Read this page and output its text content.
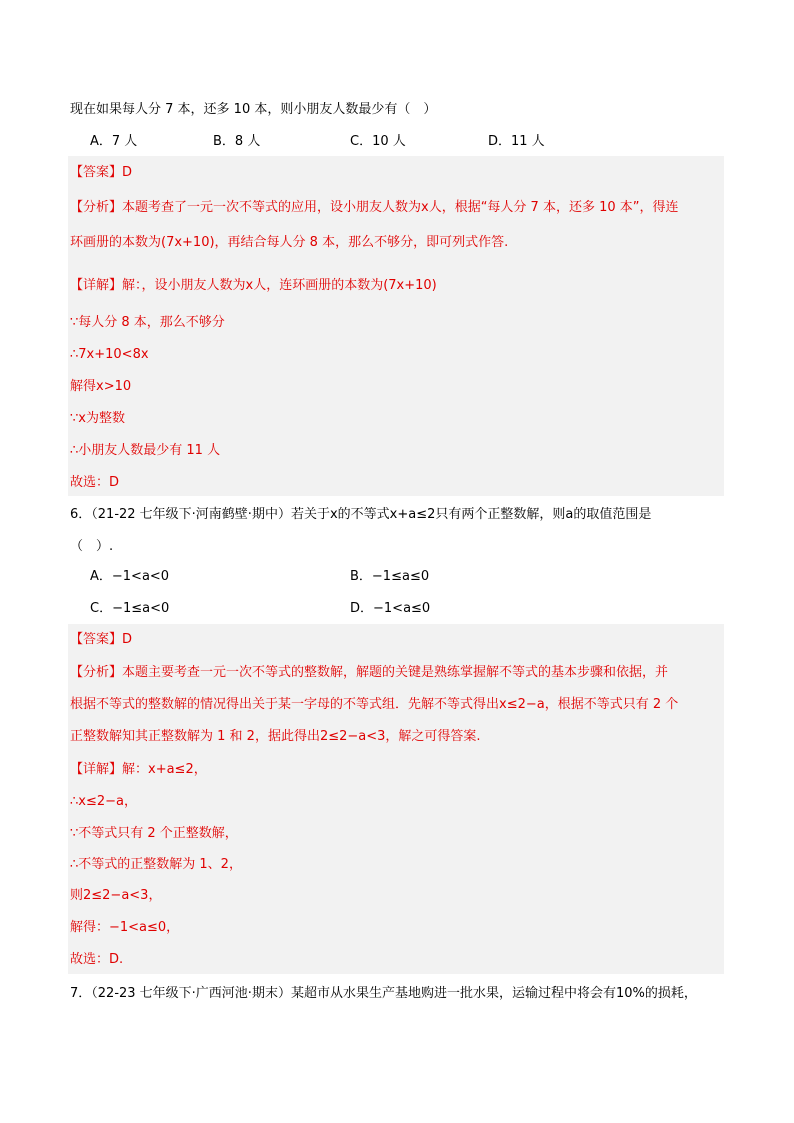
现在如果每人分 7 本，还多 10 本，则小朋友人数最少有（　）
A．7 人	B．8 人	C．10 人	D．11 人
【答案】D
【分析】本题考查了一元一次不等式的应用，设小朋友人数为x人，根据“每人分 7 本，还多 10 本”，得连
环画册的本数为(7x+10)，再结合每人分 8 本，那么不够分，即可列式作答.
【详解】解：，设小朋友人数为x人，连环画册的本数为(7x+10)
∵每人分 8 本，那么不够分
∴7x+10<8x
解得x>10
∵x为整数
∴小朋友人数最少有 11 人
故选：D
6．（21-22 七年级下·河南鹤壁·期中）若关于x的不等式x+a≤2只有两个正整数解，则a的取值范围是
（　）.
A．−1<a<0	B．−1≤a≤0
C．−1≤a<0	D．−1<a≤0
【答案】D
【分析】本题主要考查一元一次不等式的整数解，解题的关键是熟练掌握解不等式的基本步骤和依据，并
根据不等式的整数解的情况得出关于某一字母的不等式组．先解不等式得出x≤2−a，根据不等式只有 2 个
正整数解知其正整数解为 1 和 2，据此得出2≤2−a<3，解之可得答案.
【详解】解：x+a≤2，
∴x≤2−a，
∵不等式只有 2 个正整数解，
∴不等式的正整数解为 1、2，
则2≤2−a<3，
解得：−1<a≤0，
故选：D.
7．（22-23 七年级下·广西河池·期末）某超市从水果生产基地购进一批水果，运输过程中将会有10%的损耗，
